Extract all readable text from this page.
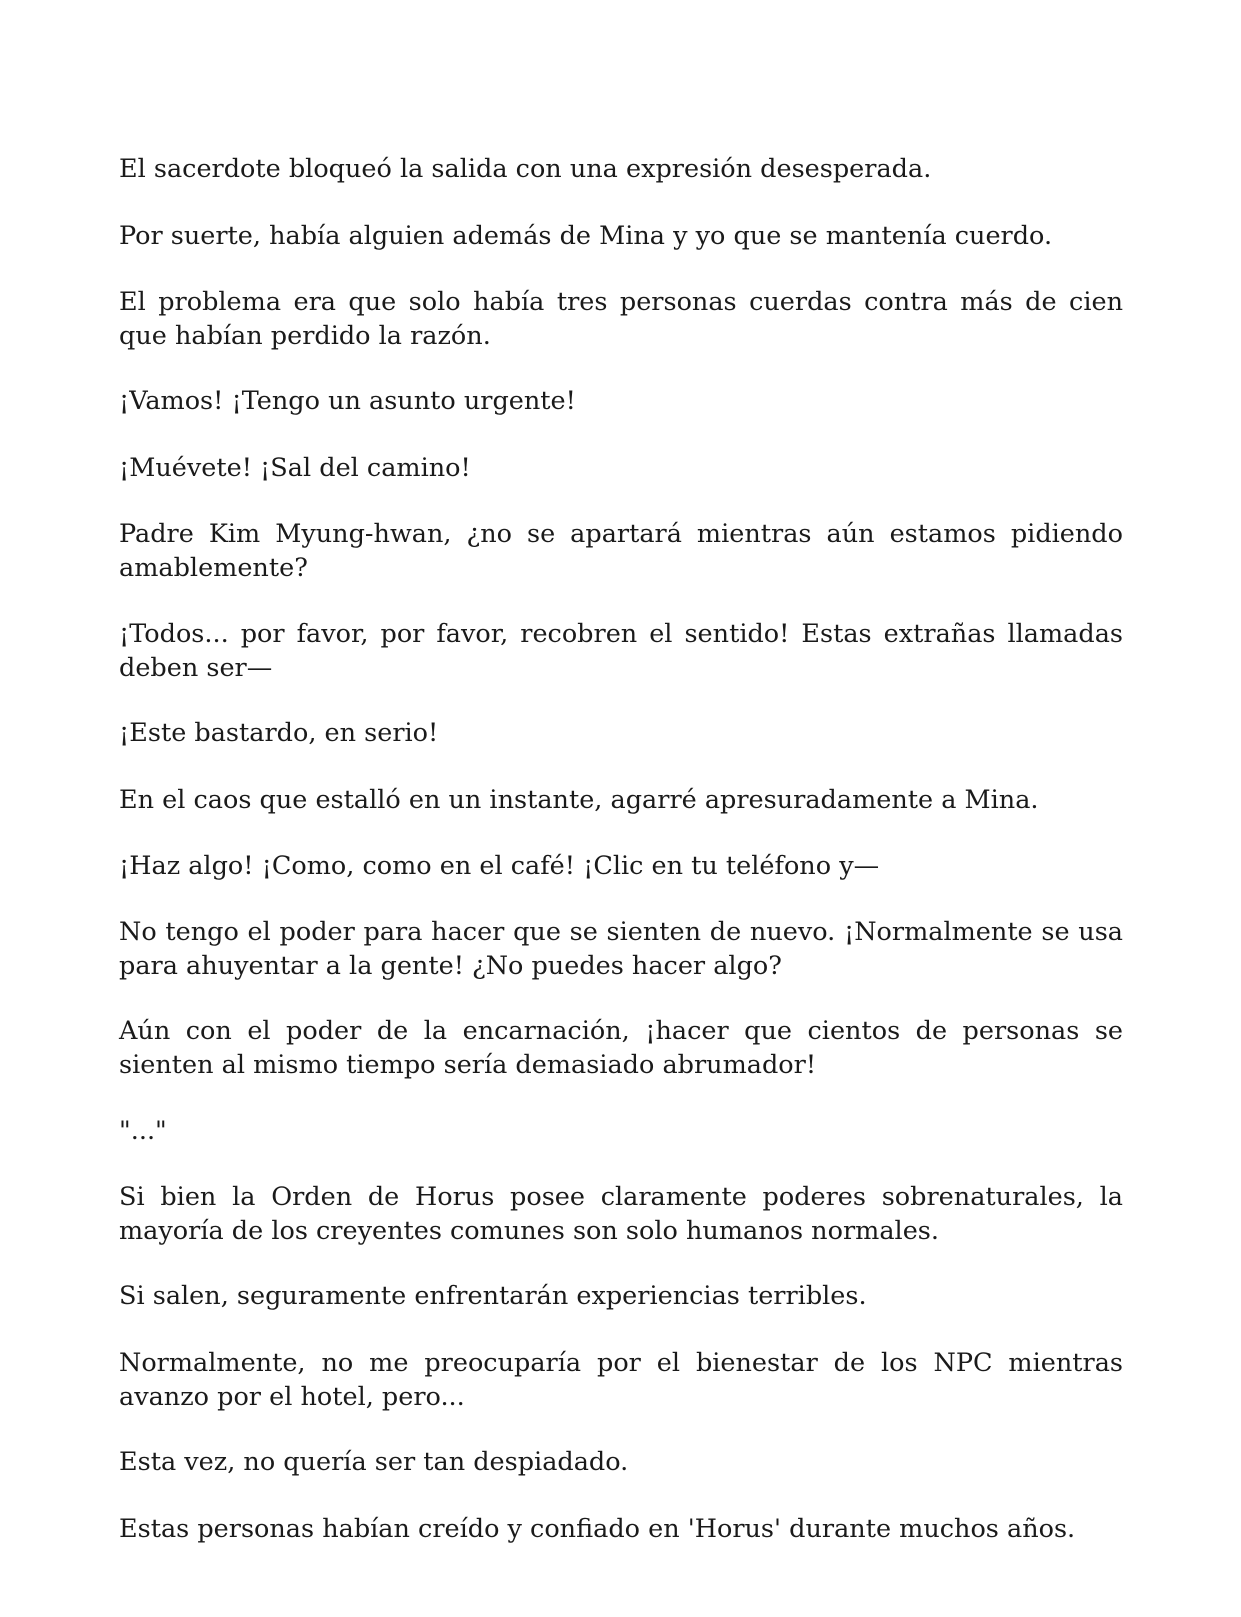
El sacerdote bloqueó la salida con una expresión desesperada.

Por suerte, había alguien además de Mina y yo que se mantenía cuerdo.

El problema era que solo había tres personas cuerdas contra más de cien que habían perdido la razón.

¡Vamos! ¡Tengo un asunto urgente!

¡Muévete! ¡Sal del camino!

Padre Kim Myung-hwan, ¿no se apartará mientras aún estamos pidiendo amablemente?

¡Todos... por favor, por favor, recobren el sentido! Estas extrañas llamadas deben ser—

¡Este bastardo, en serio!

En el caos que estalló en un instante, agarré apresuradamente a Mina.

¡Haz algo! ¡Como, como en el café! ¡Clic en tu teléfono y—

No tengo el poder para hacer que se sienten de nuevo. ¡Normalmente se usa para ahuyentar a la gente! ¿No puedes hacer algo?

Aún con el poder de la encarnación, ¡hacer que cientos de personas se sienten al mismo tiempo sería demasiado abrumador!

"..."

Si bien la Orden de Horus posee claramente poderes sobrenaturales, la mayoría de los creyentes comunes son solo humanos normales.

Si salen, seguramente enfrentarán experiencias terribles.

Normalmente, no me preocuparía por el bienestar de los NPC mientras avanzo por el hotel, pero...

Esta vez, no quería ser tan despiadado.

Estas personas habían creído y confiado en 'Horus' durante muchos años.
